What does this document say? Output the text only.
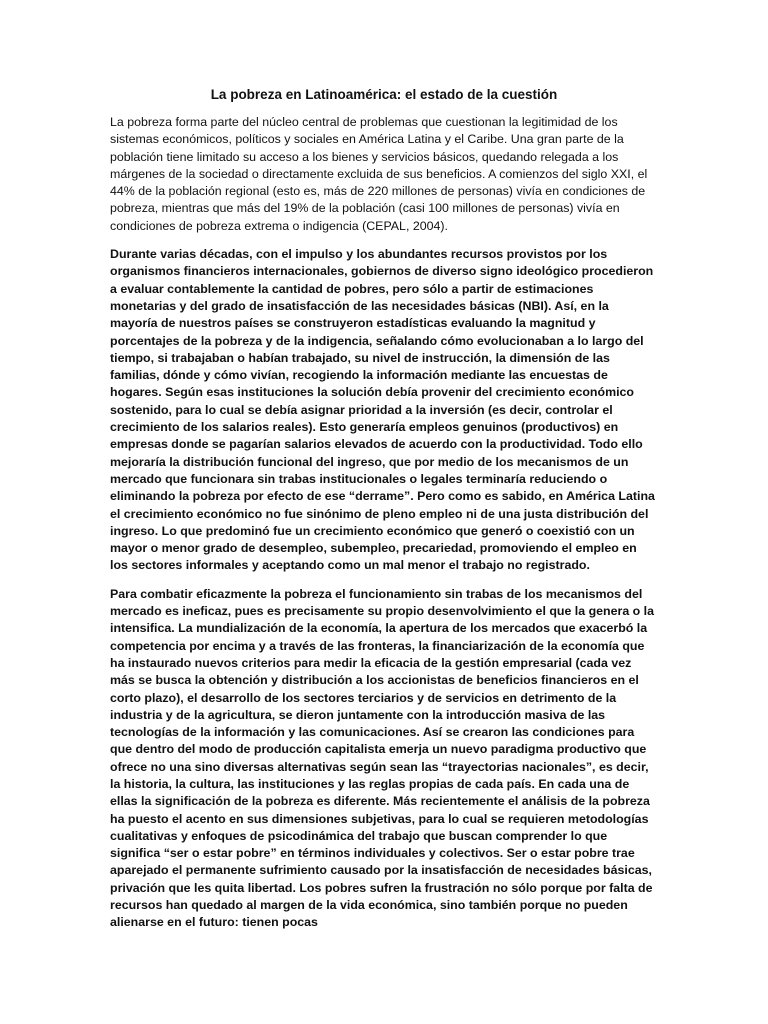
La pobreza en Latinoamérica: el estado de la cuestión

La pobreza forma parte del núcleo central de problemas que cuestionan la legitimidad de los sistemas económicos, políticos y sociales en América Latina y el Caribe. Una gran parte de la población tiene limitado su acceso a los bienes y servicios básicos, quedando relegada a los márgenes de la sociedad o directamente excluida de sus beneficios. A comienzos del siglo XXI, el 44% de la población regional (esto es, más de 220 millones de personas) vivía en condiciones de pobreza, mientras que más del 19% de la población (casi 100 millones de personas) vivía en condiciones de pobreza extrema o indigencia (CEPAL, 2004).

Durante varias décadas, con el impulso y los abundantes recursos provistos por los organismos financieros internacionales, gobiernos de diverso signo ideológico procedieron a evaluar contablemente la cantidad de pobres, pero sólo a partir de estimaciones monetarias y del grado de insatisfacción de las necesidades básicas (NBI). Así, en la mayoría de nuestros países se construyeron estadísticas evaluando la magnitud y porcentajes de la pobreza y de la indigencia, señalando cómo evolucionaban a lo largo del tiempo, si trabajaban o habían trabajado, su nivel de instrucción, la dimensión de las familias, dónde y cómo vivían, recogiendo la información mediante las encuestas de hogares. Según esas instituciones la solución debía provenir del crecimiento económico sostenido, para lo cual se debía asignar prioridad a la inversión (es decir, controlar el crecimiento de los salarios reales). Esto generaría empleos genuinos (productivos) en empresas donde se pagarían salarios elevados de acuerdo con la productividad. Todo ello mejoraría la distribución funcional del ingreso, que por medio de los mecanismos de un mercado que funcionara sin trabas institucionales o legales terminaría reduciendo o eliminando la pobreza por efecto de ese “derrame”. Pero como es sabido, en América Latina el crecimiento económico no fue sinónimo de pleno empleo ni de una justa distribución del ingreso. Lo que predominó fue un crecimiento económico que generó o coexistió con un mayor o menor grado de desempleo, subempleo, precariedad, promoviendo el empleo en los sectores informales y aceptando como un mal menor el trabajo no registrado.

Para combatir eficazmente la pobreza el funcionamiento sin trabas de los mecanismos del mercado es ineficaz, pues es precisamente su propio desenvolvimiento el que la genera o la intensifica. La mundialización de la economía, la apertura de los mercados que exacerbó la competencia por encima y a través de las fronteras, la financiarización de la economía que ha instaurado nuevos criterios para medir la eficacia de la gestión empresarial (cada vez más se busca la obtención y distribución a los accionistas de beneficios financieros en el corto plazo), el desarrollo de los sectores terciarios y de servicios en detrimento de la industria y de la agricultura, se dieron juntamente con la introducción masiva de las tecnologías de la información y las comunicaciones. Así se crearon las condiciones para que dentro del modo de producción capitalista emerja un nuevo paradigma productivo que ofrece no una sino diversas alternativas según sean las “trayectorias nacionales”, es decir, la historia, la cultura, las instituciones y las reglas propias de cada país. En cada una de ellas la significación de la pobreza es diferente. Más recientemente el análisis de la pobreza ha puesto el acento en sus dimensiones subjetivas, para lo cual se requieren metodologías cualitativas y enfoques de psicodinámica del trabajo que buscan comprender lo que significa “ser o estar pobre” en términos individuales y colectivos. Ser o estar pobre trae aparejado el permanente sufrimiento causado por la insatisfacción de necesidades básicas, privación que les quita libertad. Los pobres sufren la frustración no sólo porque por falta de recursos han quedado al margen de la vida económica, sino también porque no pueden alienarse en el futuro: tienen pocas
